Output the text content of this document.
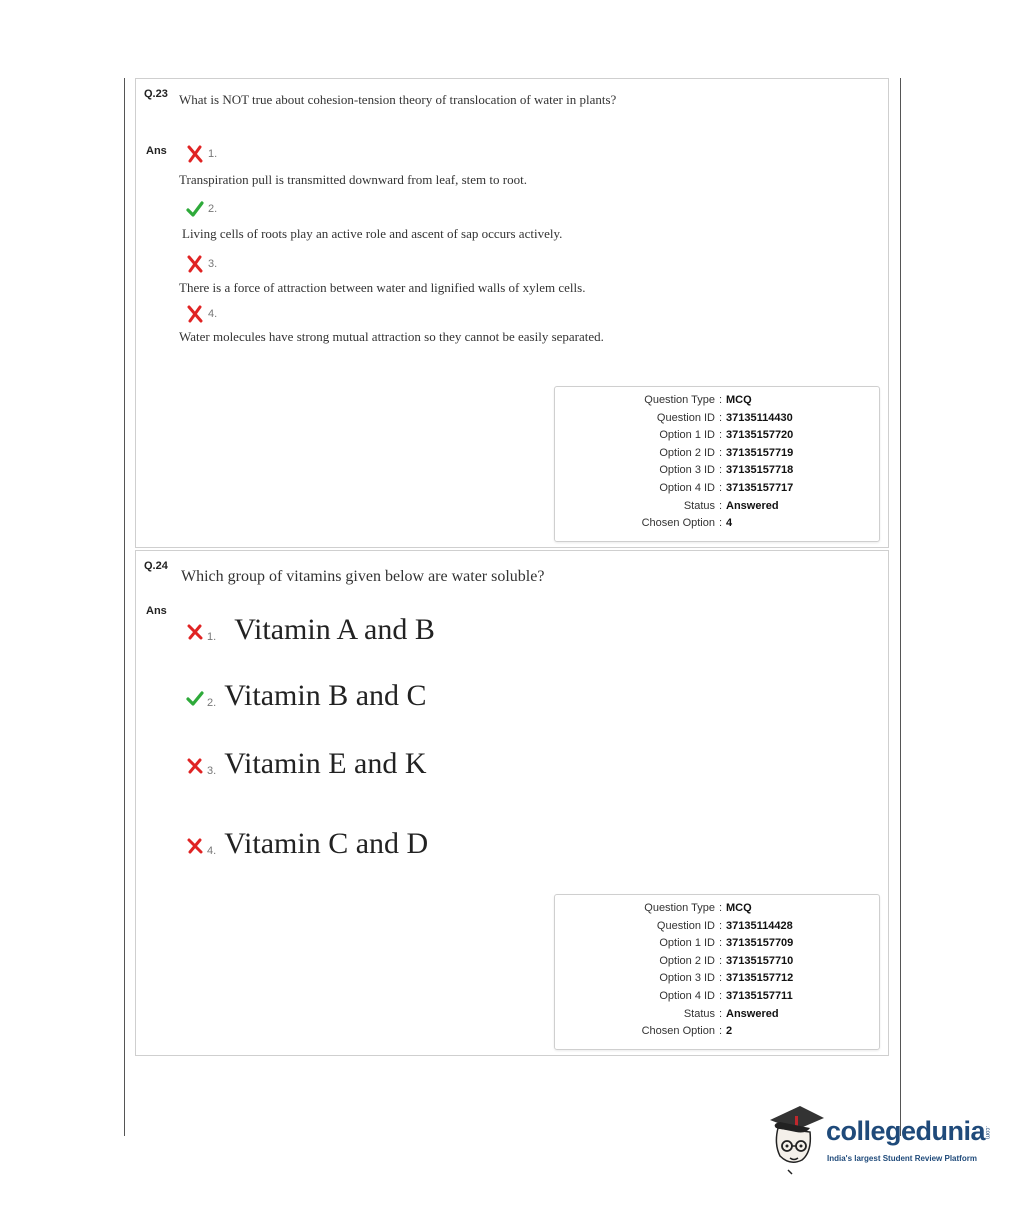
Q.23 What is NOT true about cohesion-tension theory of translocation of water in plants?
Ans	1.
Transpiration pull is transmitted downward from leaf, stem to root.
2.
Living cells of roots play an active role and ascent of sap occurs actively.
3.
There is a force of attraction between water and lignified walls of xylem cells.
4.
Water molecules have strong mutual attraction so they cannot be easily separated.
Question Type : MCQ
Question ID : 37135114430
Option 1 ID : 37135157720
Option 2 ID : 37135157719
Option 3 ID : 37135157718
Option 4 ID : 37135157717
Status : Answered
Chosen Option : 4
Q.24
Which group of vitamins given below are water soluble?
Ans
1. Vitamin A and B
2. Vitamin B and C
3. Vitamin E and K
4. Vitamin C and D
Question Type : MCQ
Question ID : 37135114428
Option 1 ID : 37135157709
Option 2 ID : 37135157710
Option 3 ID : 37135157712
Option 4 ID : 37135157711
Status : Answered
Chosen Option : 2
collegedunia
.com
India's largest Student Review Platform
